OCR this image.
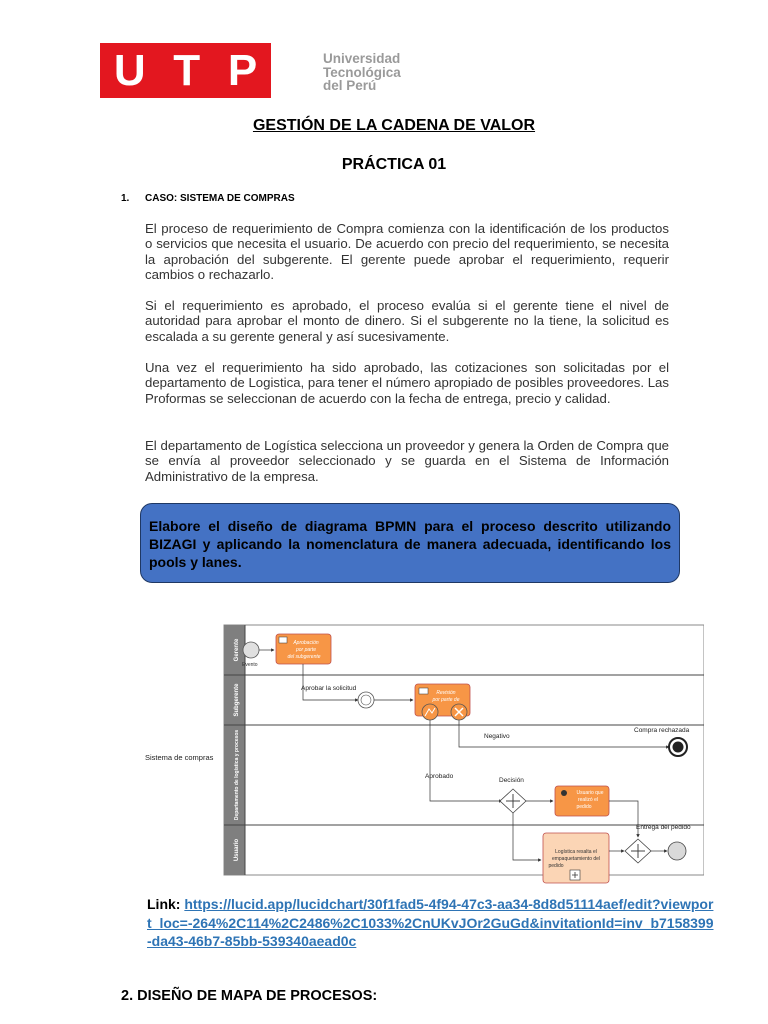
U T P	Universidad
Tecnológica
del Perú
GESTIÓN DE LA CADENA DE VALOR
PRÁCTICA 01
1. CASO: SISTEMA DE COMPRAS
El proceso de requerimiento de Compra comienza con la identificación de los productos o servicios que necesita el usuario. De acuerdo con precio del requerimiento, se necesita la aprobación del subgerente. El gerente puede aprobar el requerimiento, requerir cambios o rechazarlo.
Si el requerimiento es aprobado, el proceso evalúa si el gerente tiene el nivel de autoridad para aprobar el monto de dinero. Si el subgerente no la tiene, la solicitud es escalada a su gerente general y así sucesivamente.
Una vez el requerimiento ha sido aprobado, las cotizaciones son solicitadas por el departamento de Logistica, para tener el número apropiado de posibles proveedores. Las Proformas se seleccionan de acuerdo con la fecha de entrega, precio y calidad.
El departamento de Logística selecciona un proveedor y genera la Orden de Compra que se envía al proveedor seleccionado y se guarda en el Sistema de Información Administrativo de la empresa.
Elabore el diseño de diagrama BPMN para el proceso descrito utilizando BIZAGI y aplicando la nomenclatura de manera adecuada, identificando los pools y lanes.
Sistema de compras
Gerente
Subgerente
Departamento de logística y procesos
Usuario
Evento
Aprobación
por parte
del subgerente
Aprobar la solicitud
Revisión
por parte de
Negativo
Compra rechazada
Aprobado
Decisión
Usuario que
realizó el
pedido
Logística resalta el
empaquetamiento del
pedido
Entrega del pedido
Link: https://lucid.app/lucidchart/30f1fad5-4f94-47c3-aa34-8d8d51114aef/edit?viewport_loc=-264%2C114%2C2486%2C1033%2CnUKvJOr2GuGd&invitationId=inv_b7158399-da43-46b7-85bb-539340aead0c
2. DISEÑO DE MAPA DE PROCESOS:
